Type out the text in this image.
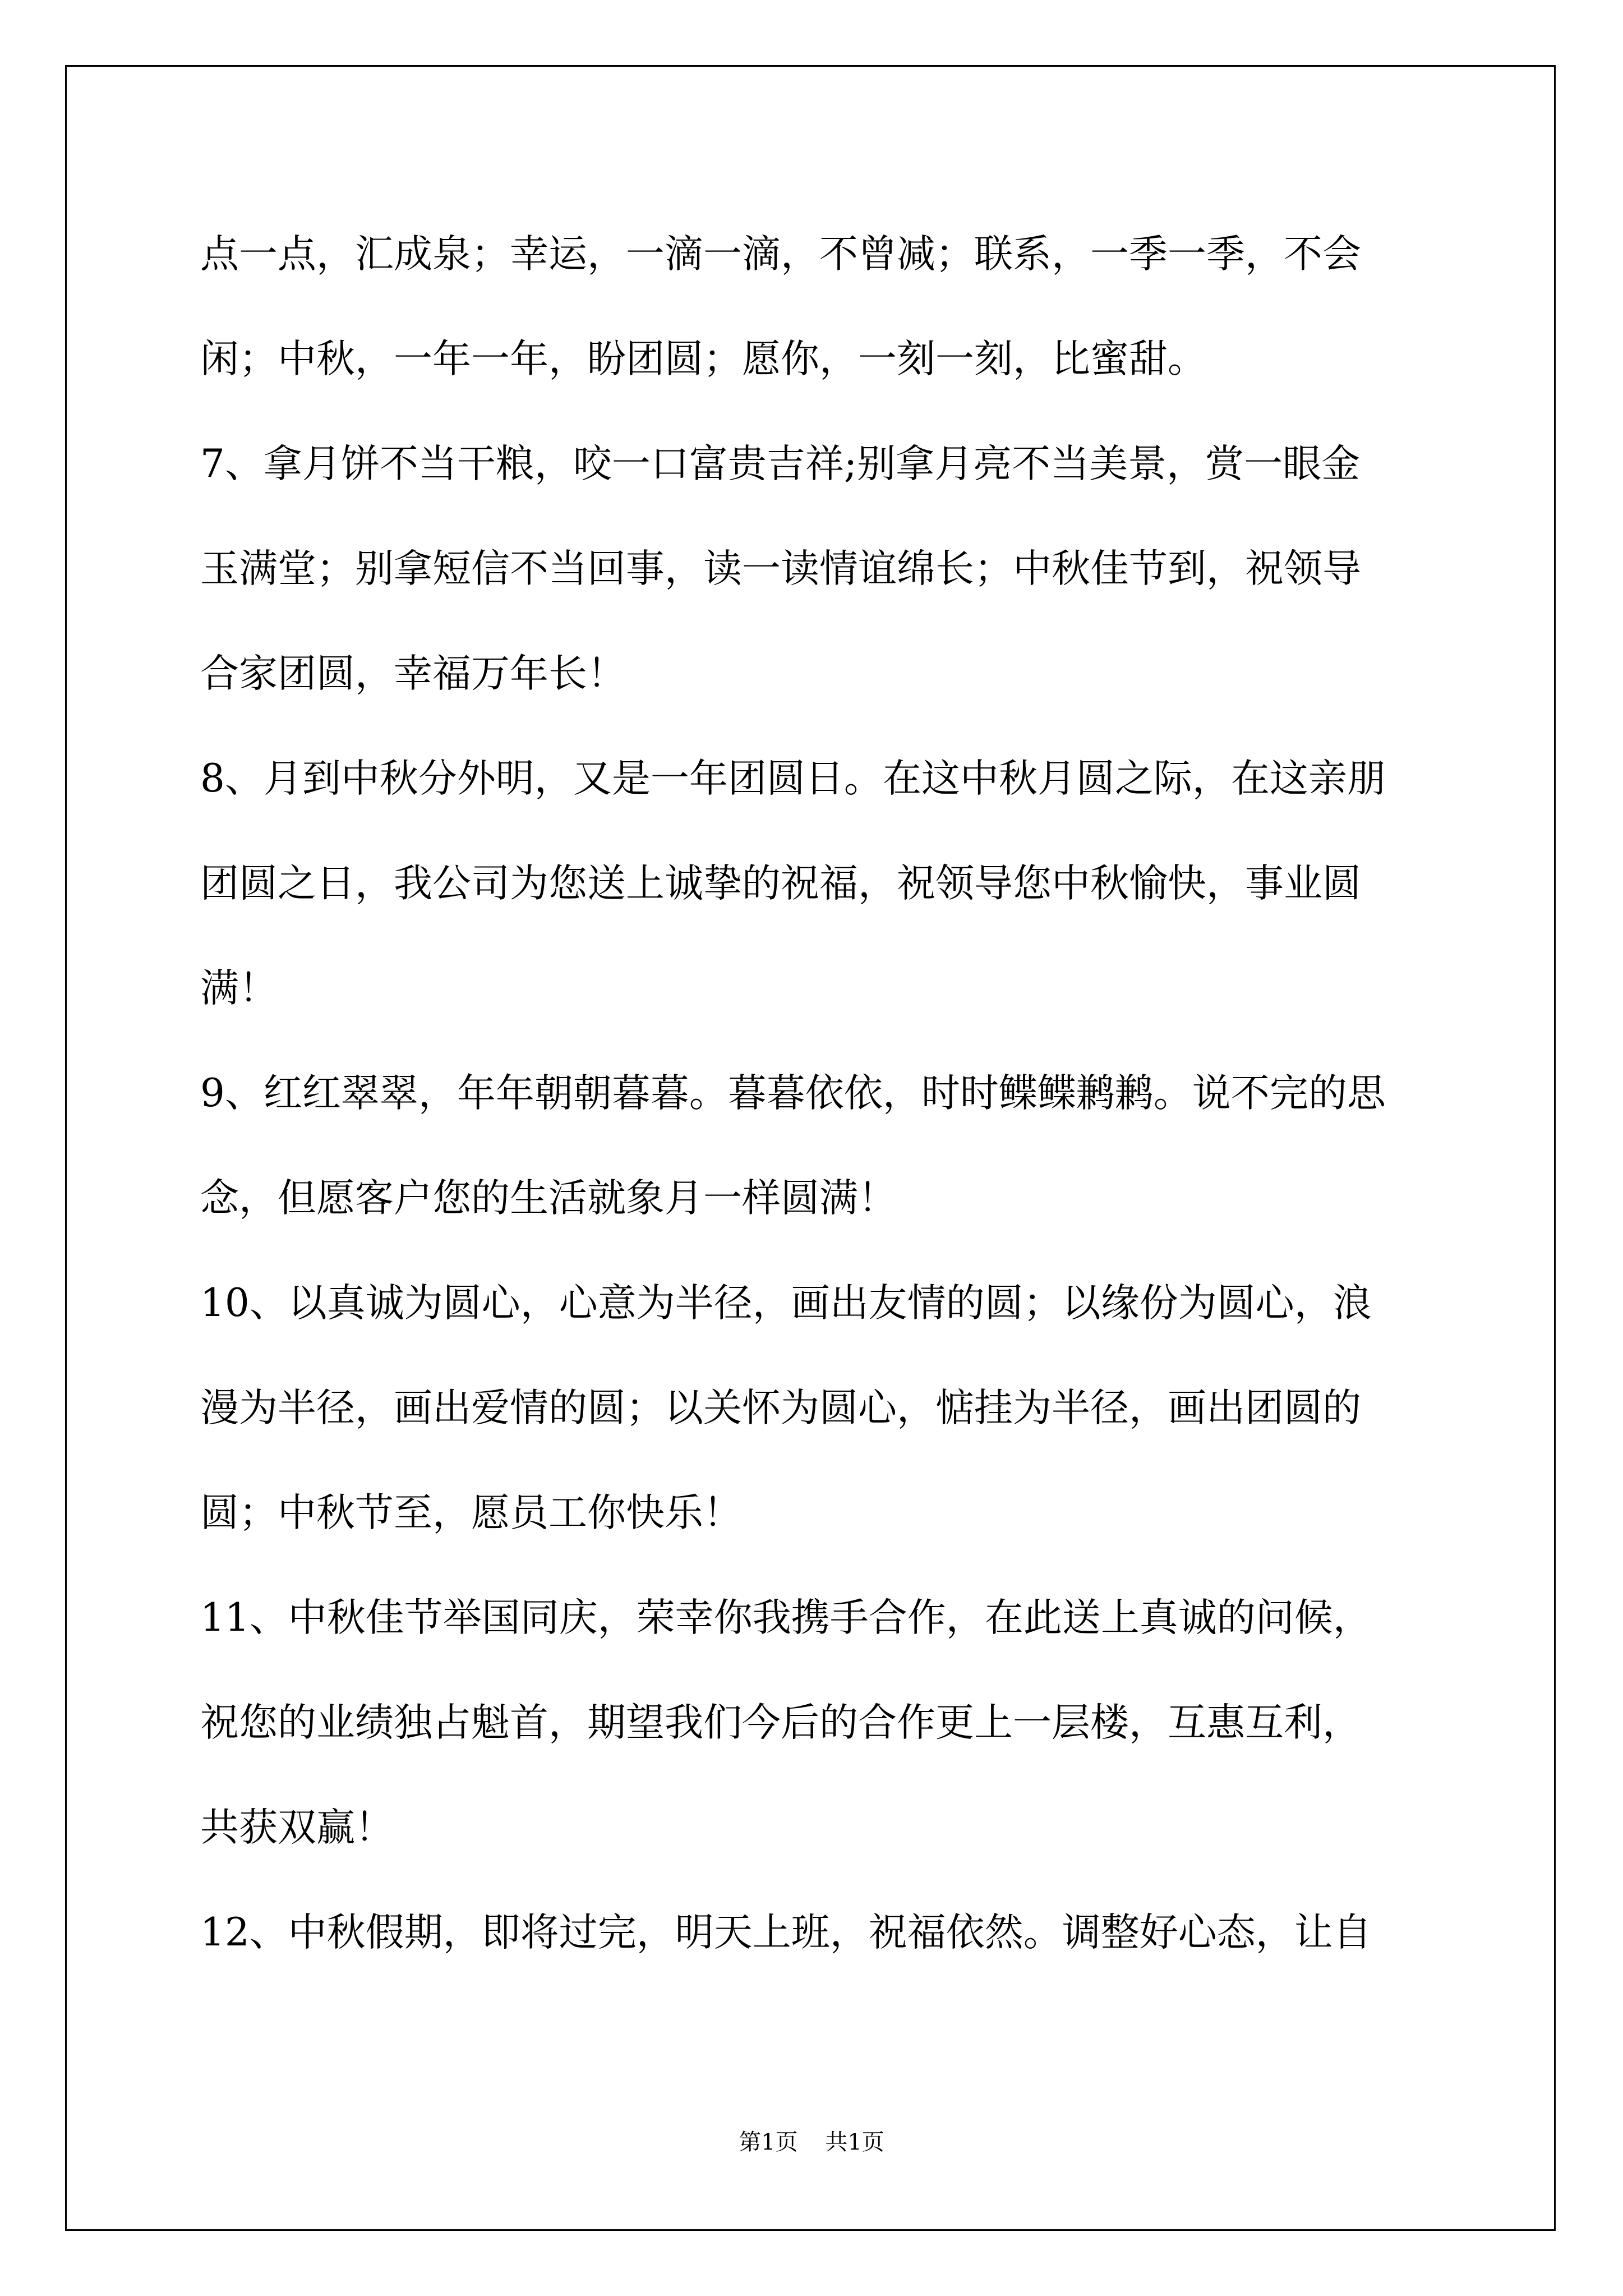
点一点，汇成泉；幸运，一滴一滴，不曾减；联系，一季一季，不会
闲；中秋，一年一年，盼团圆；愿你，一刻一刻，比蜜甜。
7、拿月饼不当干粮，咬一口富贵吉祥;别拿月亮不当美景，赏一眼金
玉满堂；别拿短信不当回事，读一读情谊绵长；中秋佳节到，祝领导
合家团圆，幸福万年长！
8、月到中秋分外明，又是一年团圆日。在这中秋月圆之际，在这亲朋
团圆之日，我公司为您送上诚挚的祝福，祝领导您中秋愉快，事业圆
满！
9、红红翠翠，年年朝朝暮暮。暮暮依依，时时鲽鲽鹣鹣。说不完的思
念，但愿客户您的生活就象月一样圆满！
10、以真诚为圆心，心意为半径，画出友情的圆；以缘份为圆心，浪
漫为半径，画出爱情的圆；以关怀为圆心，惦挂为半径，画出团圆的
圆；中秋节至，愿员工你快乐！
11、中秋佳节举国同庆，荣幸你我携手合作，在此送上真诚的问候，
祝您的业绩独占魁首，期望我们今后的合作更上一层楼，互惠互利，
共获双赢！
12、中秋假期，即将过完，明天上班，祝福依然。调整好心态，让自
第1页 共1页
